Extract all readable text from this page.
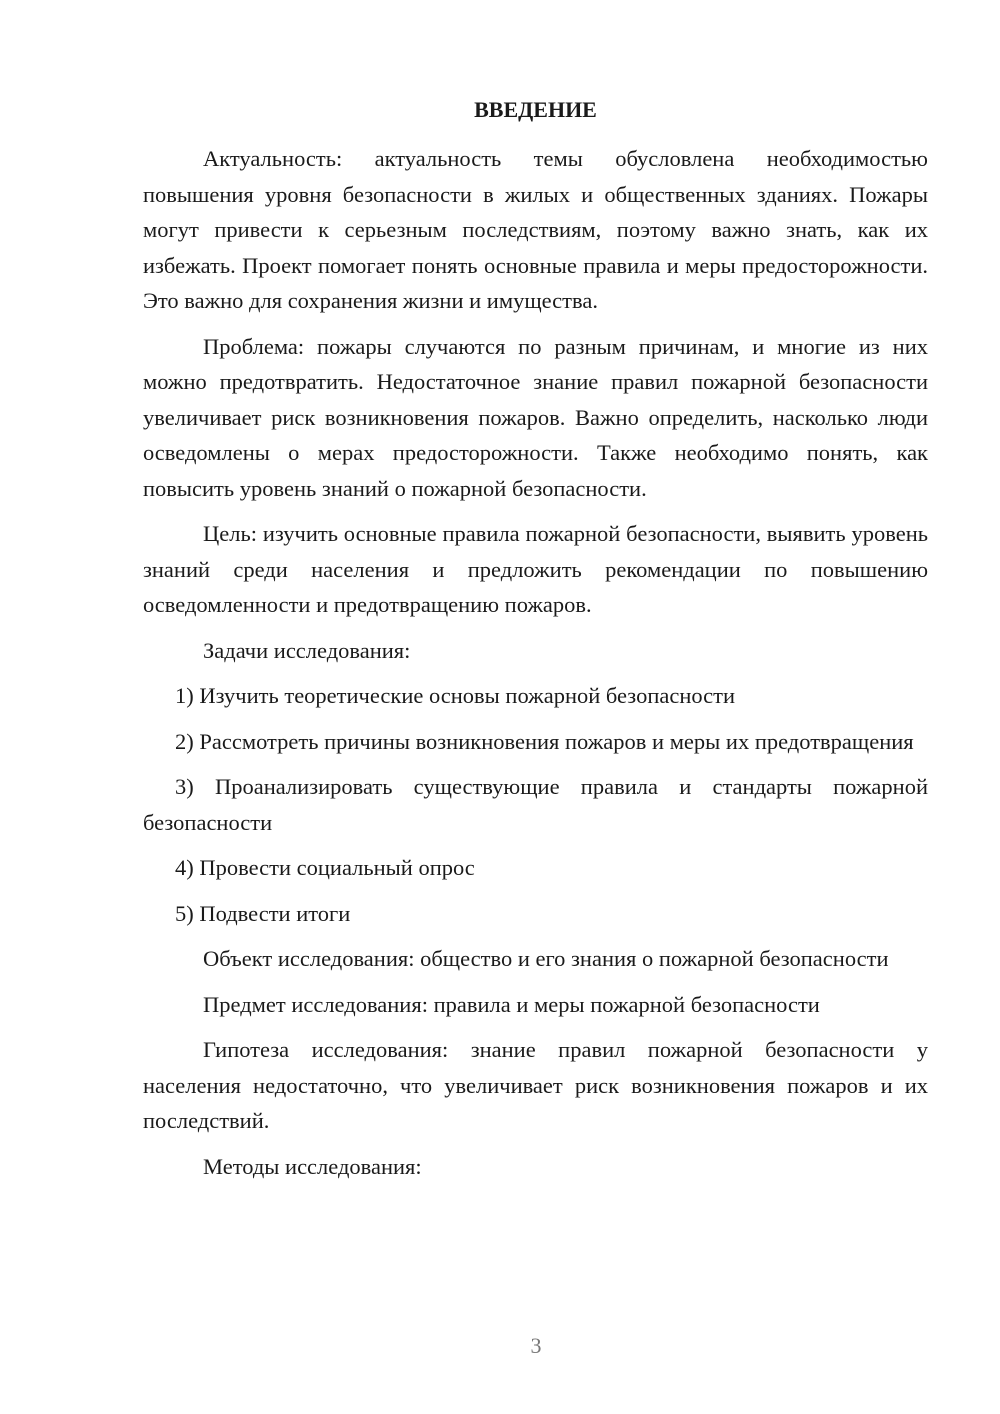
ВВЕДЕНИЕ

Актуальность: актуальность темы обусловлена необходимостью повышения уровня безопасности в жилых и общественных зданиях. Пожары могут привести к серьезным последствиям, поэтому важно знать, как их избежать. Проект помогает понять основные правила и меры предосторожности. Это важно для сохранения жизни и имущества.

Проблема: пожары случаются по разным причинам, и многие из них можно предотвратить. Недостаточное знание правил пожарной безопасности увеличивает риск возникновения пожаров. Важно определить, насколько люди осведомлены о мерах предосторожности. Также необходимо понять, как повысить уровень знаний о пожарной безопасности.

Цель: изучить основные правила пожарной безопасности, выявить уровень знаний среди населения и предложить рекомендации по повышению осведомленности и предотвращению пожаров.

Задачи исследования:

1) Изучить теоретические основы пожарной безопасности

2) Рассмотреть причины возникновения пожаров и меры их предотвращения

3) Проанализировать существующие правила и стандарты пожарной безопасности

4) Провести социальный опрос

5) Подвести итоги

Объект исследования: общество и его знания о пожарной безопасности

Предмет исследования: правила и меры пожарной безопасности

Гипотеза исследования: знание правил пожарной безопасности у населения недостаточно, что увеличивает риск возникновения пожаров и их последствий.

Методы исследования:

3
